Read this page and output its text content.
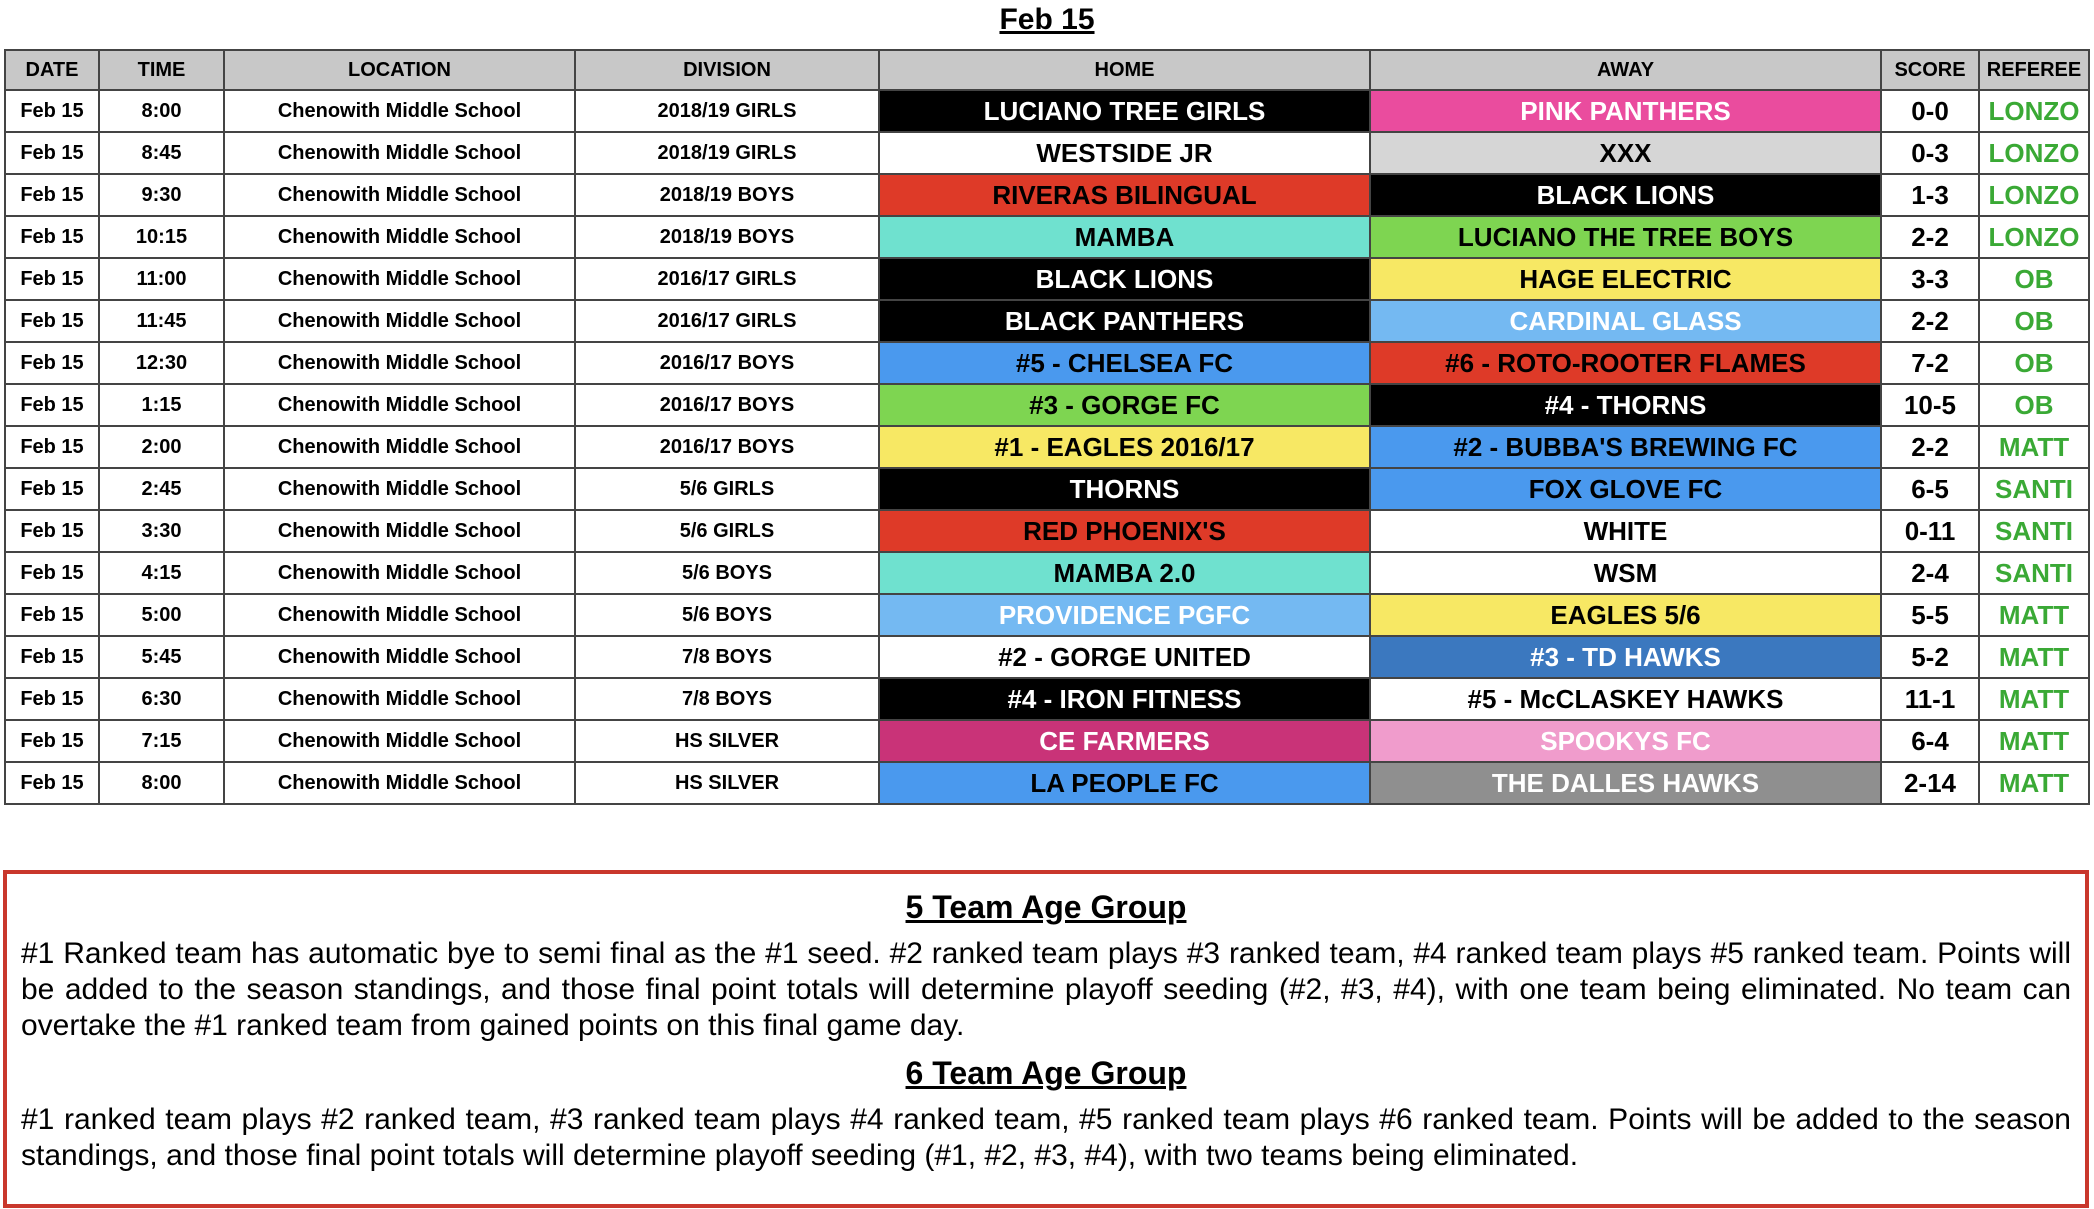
Feb 15
DATE	TIME	LOCATION	DIVISION	HOME	AWAY	SCORE	REFEREE
Feb 15	8:00	Chenowith Middle School	2018/19 GIRLS	LUCIANO TREE GIRLS	PINK PANTHERS	0-0	LONZO
Feb 15	8:45	Chenowith Middle School	2018/19 GIRLS	WESTSIDE JR	XXX	0-3	LONZO
Feb 15	9:30	Chenowith Middle School	2018/19 BOYS	RIVERAS BILINGUAL	BLACK LIONS	1-3	LONZO
Feb 15	10:15	Chenowith Middle School	2018/19 BOYS	MAMBA	LUCIANO THE TREE BOYS	2-2	LONZO
Feb 15	11:00	Chenowith Middle School	2016/17 GIRLS	BLACK LIONS	HAGE ELECTRIC	3-3	OB
Feb 15	11:45	Chenowith Middle School	2016/17 GIRLS	BLACK PANTHERS	CARDINAL GLASS	2-2	OB
Feb 15	12:30	Chenowith Middle School	2016/17 BOYS	#5 - CHELSEA FC	#6 - ROTO-ROOTER FLAMES	7-2	OB
Feb 15	1:15	Chenowith Middle School	2016/17 BOYS	#3 - GORGE FC	#4 - THORNS	10-5	OB
Feb 15	2:00	Chenowith Middle School	2016/17 BOYS	#1 - EAGLES 2016/17	#2 - BUBBA'S BREWING FC	2-2	MATT
Feb 15	2:45	Chenowith Middle School	5/6 GIRLS	THORNS	FOX GLOVE FC	6-5	SANTI
Feb 15	3:30	Chenowith Middle School	5/6 GIRLS	RED PHOENIX'S	WHITE	0-11	SANTI
Feb 15	4:15	Chenowith Middle School	5/6 BOYS	MAMBA 2.0	WSM	2-4	SANTI
Feb 15	5:00	Chenowith Middle School	5/6 BOYS	PROVIDENCE PGFC	EAGLES 5/6	5-5	MATT
Feb 15	5:45	Chenowith Middle School	7/8 BOYS	#2 - GORGE UNITED	#3 - TD HAWKS	5-2	MATT
Feb 15	6:30	Chenowith Middle School	7/8 BOYS	#4 - IRON FITNESS	#5 - McCLASKEY HAWKS	11-1	MATT
Feb 15	7:15	Chenowith Middle School	HS SILVER	CE FARMERS	SPOOKYS FC	6-4	MATT
Feb 15	8:00	Chenowith Middle School	HS SILVER	LA PEOPLE FC	THE DALLES HAWKS	2-14	MATT
5 Team Age Group
#1 Ranked team has automatic bye to semi final as the #1 seed. #2 ranked team plays #3 ranked team, #4 ranked team plays #5 ranked team. Points will be added to the season standings, and those final point totals will determine playoff seeding (#2, #3, #4), with one team being eliminated. No team can overtake the #1 ranked team from gained points on this final game day.
6 Team Age Group
#1 ranked team plays #2 ranked team, #3 ranked team plays #4 ranked team, #5 ranked team plays #6 ranked team. Points will be added to the season standings, and those final point totals will determine playoff seeding (#1, #2, #3, #4), with two teams being eliminated.
